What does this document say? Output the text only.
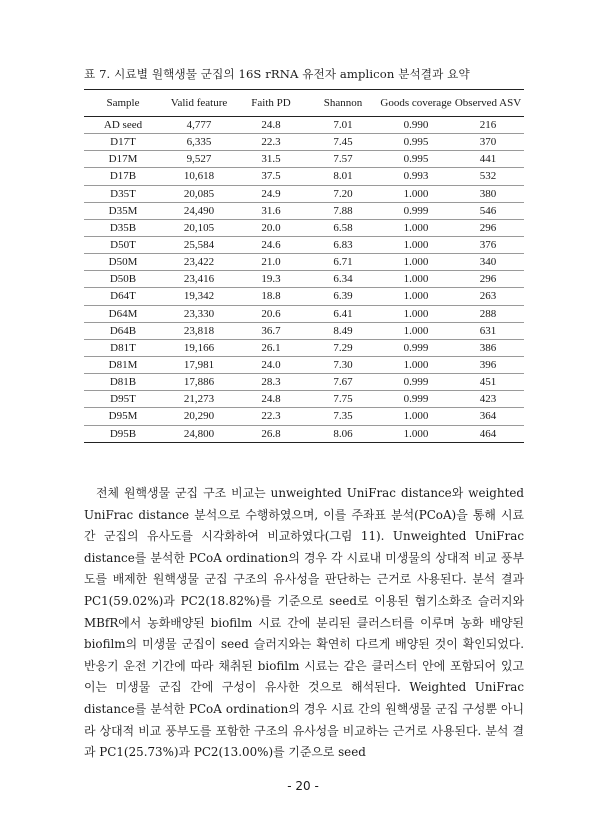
표 7. 시료별 원핵생물 군집의 16S rRNA 유전자 amplicon 분석결과 요약
Sample	Valid feature	Faith PD	Shannon	Goods coverage	Observed ASV
AD seed	4,777	24.8	7.01	0.990	216
D17T	6,335	22.3	7.45	0.995	370
D17M	9,527	31.5	7.57	0.995	441
D17B	10,618	37.5	8.01	0.993	532
D35T	20,085	24.9	7.20	1.000	380
D35M	24,490	31.6	7.88	0.999	546
D35B	20,105	20.0	6.58	1.000	296
D50T	25,584	24.6	6.83	1.000	376
D50M	23,422	21.0	6.71	1.000	340
D50B	23,416	19.3	6.34	1.000	296
D64T	19,342	18.8	6.39	1.000	263
D64M	23,330	20.6	6.41	1.000	288
D64B	23,818	36.7	8.49	1.000	631
D81T	19,166	26.1	7.29	0.999	386
D81M	17,981	24.0	7.30	1.000	396
D81B	17,886	28.3	7.67	0.999	451
D95T	21,273	24.8	7.75	0.999	423
D95M	20,290	22.3	7.35	1.000	364
D95B	24,800	26.8	8.06	1.000	464
전체 원핵생물 군집 구조 비교는 unweighted UniFrac distance와 weighted UniFrac distance 분석으로 수행하였으며, 이를 주좌표 분석(PCoA)을 통해 시료 간 군집의 유사도를 시각화하여 비교하였다(그림 11). Unweighted UniFrac distance를 분석한 PCoA ordination의 경우 각 시료내 미생물의 상대적 비교 풍부도를 배제한 원핵생물 군집 구조의 유사성을 판단하는 근거로 사용된다. 분석 결과 PC1(59.02%)과 PC2(18.82%)를 기준으로 seed로 이용된 혐기소화조 슬러지와 MBfR에서 농화배양된 biofilm 시료 간에 분리된 클러스터를 이루며 농화 배양된 biofilm의 미생물 군집이 seed 슬러지와는 확연히 다르게 배양된 것이 확인되었다. 반응기 운전 기간에 따라 채취된 biofilm 시료는 같은 클러스터 안에 포함되어 있고 이는 미생물 군집 간에 구성이 유사한 것으로 해석된다. Weighted UniFrac distance를 분석한 PCoA ordination의 경우 시료 간의 원핵생물 군집 구성뿐 아니라 상대적 비교 풍부도를 포함한 구조의 유사성을 비교하는 근거로 사용된다. 분석 결과 PC1(25.73%)과 PC2(13.00%)를 기준으로 seed
- 20 -
